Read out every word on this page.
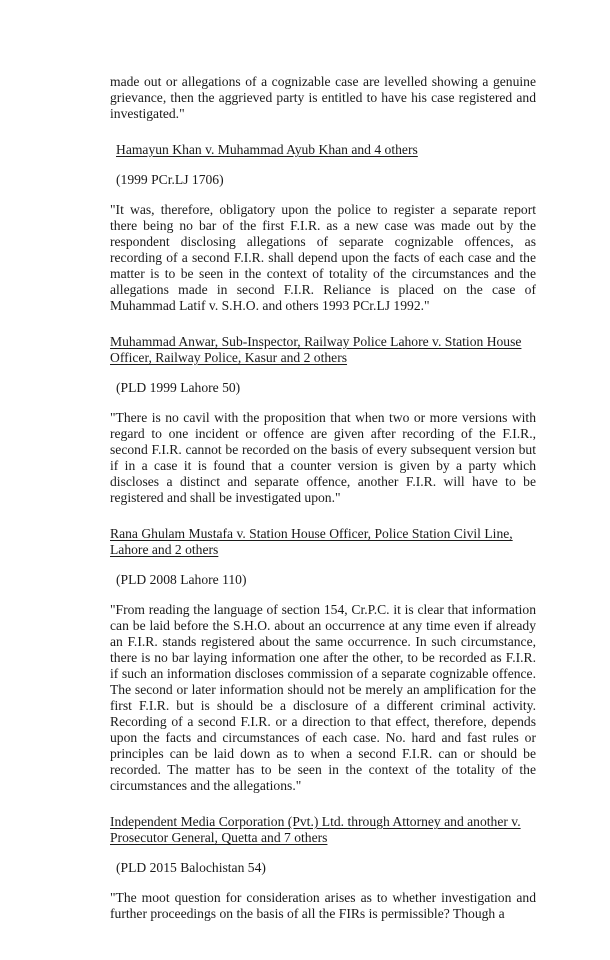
made out or allegations of a cognizable case are levelled showing a genuine grievance, then the aggrieved party is entitled to have his case registered and investigated."

Hamayun Khan v. Muhammad Ayub Khan and 4 others

(1999 PCr.LJ 1706)

"It was, therefore, obligatory upon the police to register a separate report there being no bar of the first F.I.R. as a new case was made out by the respondent disclosing allegations of separate cognizable offences, as recording of a second F.I.R. shall depend upon the facts of each case and the matter is to be seen in the context of totality of the circumstances and the allegations made in second F.I.R. Reliance is placed on the case of Muhammad Latif v. S.H.O. and others 1993 PCr.LJ 1992."

Muhammad Anwar, Sub-Inspector, Railway Police Lahore v. Station House Officer, Railway Police, Kasur and 2 others

(PLD 1999 Lahore 50)

"There is no cavil with the proposition that when two or more versions with regard to one incident or offence are given after recording of the F.I.R., second F.I.R. cannot be recorded on the basis of every subsequent version but if in a case it is found that a counter version is given by a party which discloses a distinct and separate offence, another F.I.R. will have to be registered and shall be investigated upon."

Rana Ghulam Mustafa v. Station House Officer, Police Station Civil Line, Lahore and 2 others

(PLD 2008 Lahore 110)

"From reading the language of section 154, Cr.P.C. it is clear that information can be laid before the S.H.O. about an occurrence at any time even if already an F.I.R. stands registered about the same occurrence. In such circumstance, there is no bar laying information one after the other, to be recorded as F.I.R. if such an information discloses commission of a separate cognizable offence. The second or later information should not be merely an amplification for the first F.I.R. but is should be a disclosure of a different criminal activity. Recording of a second F.I.R. or a direction to that effect, therefore, depends upon the facts and circumstances of each case. No. hard and fast rules or principles can be laid down as to when a second F.I.R. can or should be recorded. The matter has to be seen in the context of the totality of the circumstances and the allegations."

Independent Media Corporation (Pvt.) Ltd. through Attorney and another v. Prosecutor General, Quetta and 7 others

(PLD 2015 Balochistan 54)

"The moot question for consideration arises as to whether investigation and further proceedings on the basis of all the FIRs is permissible? Though a
